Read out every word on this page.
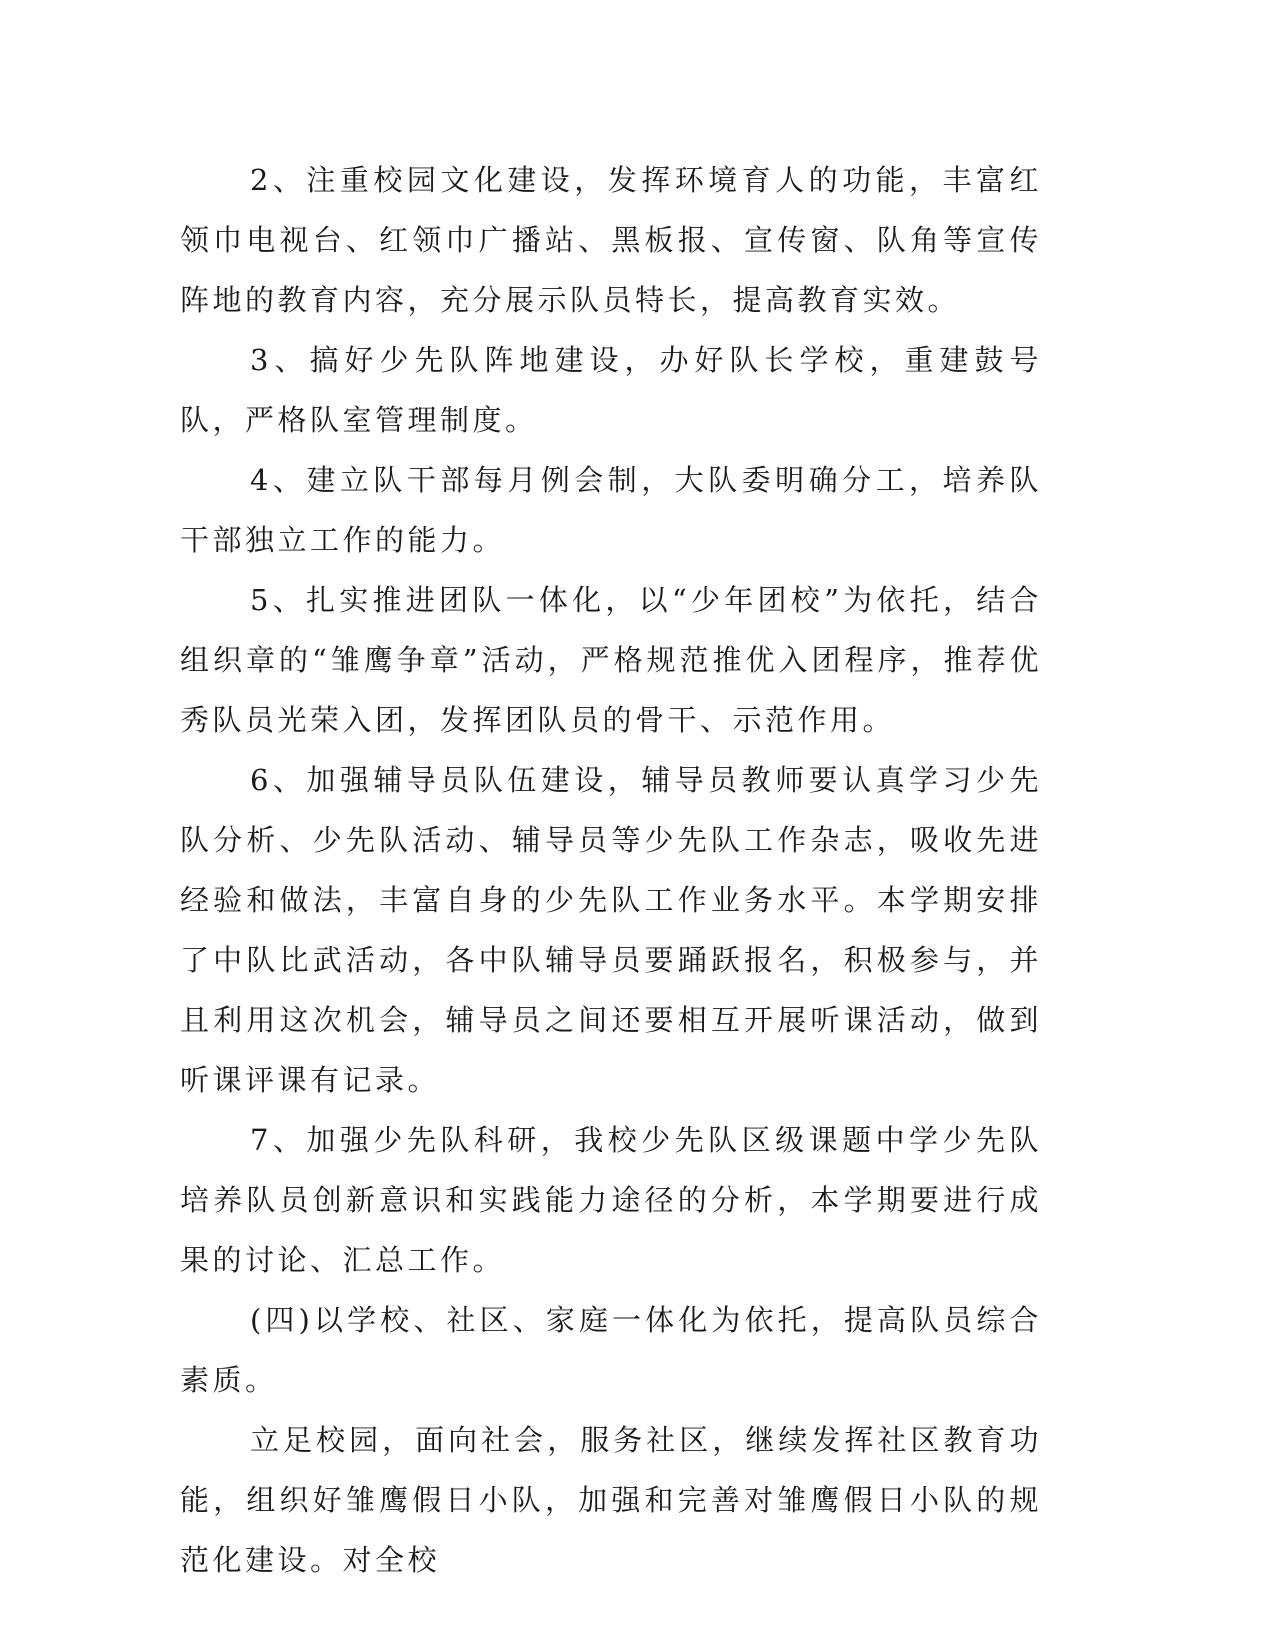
2、注重校园文化建设，发挥环境育人的功能，丰富红领巾电视台、红领巾广播站、黑板报、宣传窗、队角等宣传阵地的教育内容，充分展示队员特长，提高教育实效。

3、搞好少先队阵地建设，办好队长学校，重建鼓号队，严格队室管理制度。

4、建立队干部每月例会制，大队委明确分工，培养队干部独立工作的能力。

5、扎实推进团队一体化，以“少年团校”为依托，结合组织章的“雏鹰争章”活动，严格规范推优入团程序，推荐优秀队员光荣入团，发挥团队员的骨干、示范作用。

6、加强辅导员队伍建设，辅导员教师要认真学习少先队分析、少先队活动、辅导员等少先队工作杂志，吸收先进经验和做法，丰富自身的少先队工作业务水平。本学期安排了中队比武活动，各中队辅导员要踊跃报名，积极参与，并且利用这次机会，辅导员之间还要相互开展听课活动，做到听课评课有记录。

7、加强少先队科研，我校少先队区级课题中学少先队培养队员创新意识和实践能力途径的分析，本学期要进行成果的讨论、汇总工作。

(四)以学校、社区、家庭一体化为依托，提高队员综合素质。

立足校园，面向社会，服务社区，继续发挥社区教育功能，组织好雏鹰假日小队，加强和完善对雏鹰假日小队的规范化建设。对全校
